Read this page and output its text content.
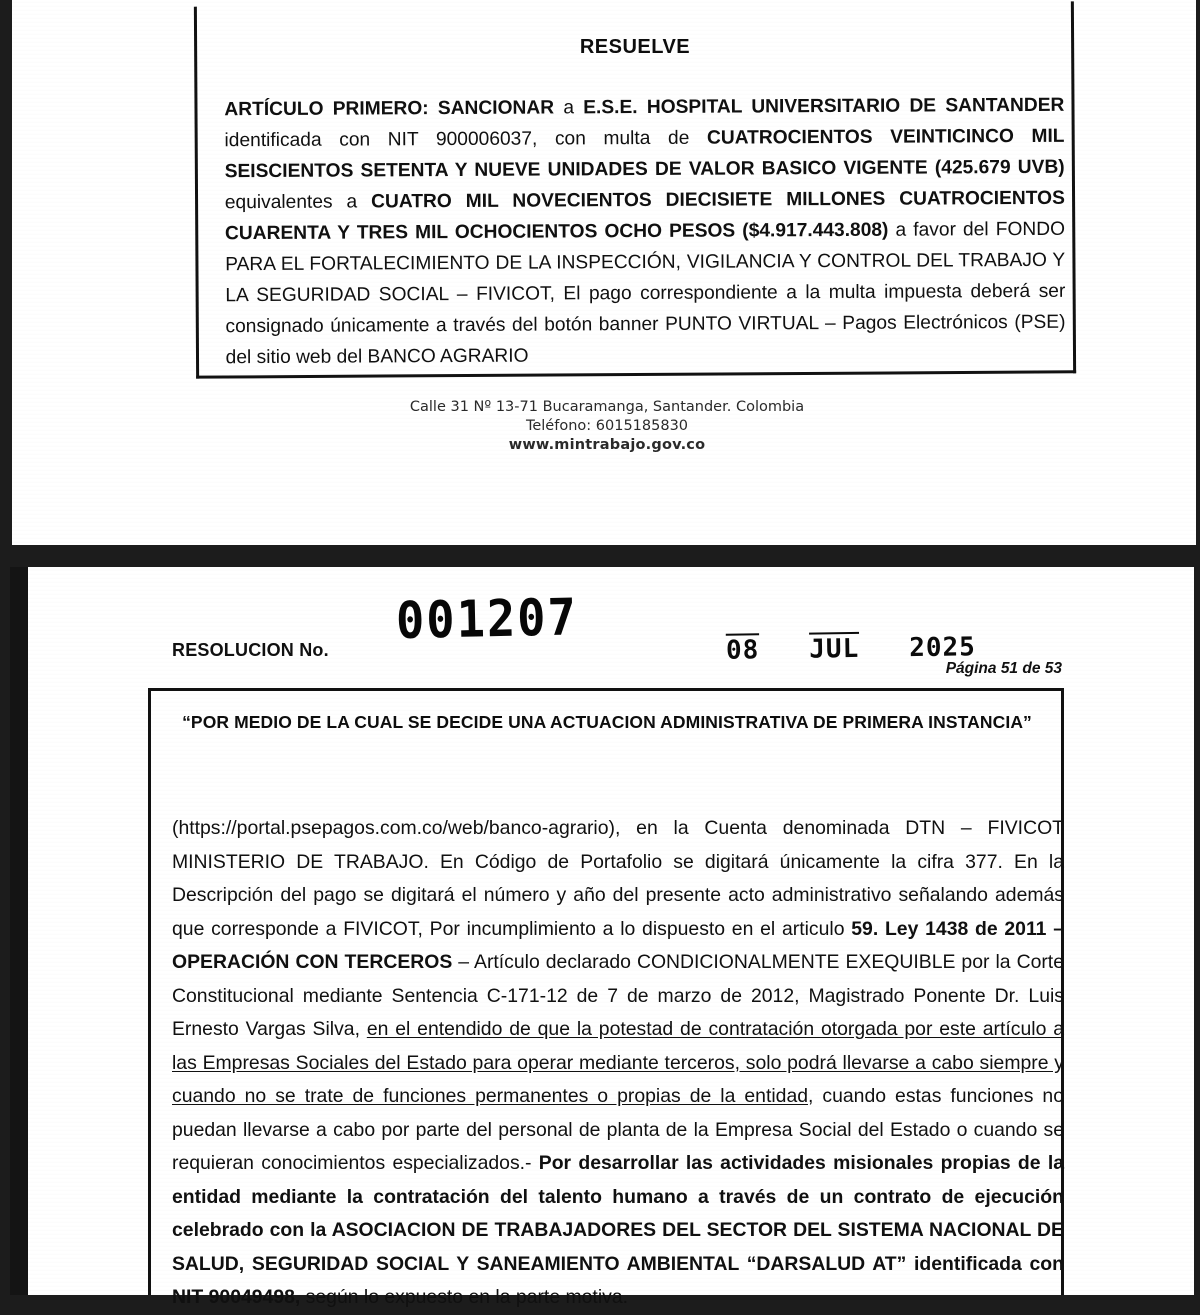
RESUELVE
ARTÍCULO PRIMERO: SANCIONAR a E.S.E. HOSPITAL UNIVERSITARIO DE SANTANDER identificada con NIT 900006037, con multa de CUATROCIENTOS VEINTICINCO MIL SEISCIENTOS SETENTA Y NUEVE UNIDADES DE VALOR BASICO VIGENTE (425.679 UVB) equivalentes a CUATRO MIL NOVECIENTOS DIECISIETE MILLONES CUATROCIENTOS CUARENTA Y TRES MIL OCHOCIENTOS OCHO PESOS ($4.917.443.808) a favor del FONDO PARA EL FORTALECIMIENTO DE LA INSPECCIÓN, VIGILANCIA Y CONTROL DEL TRABAJO Y LA SEGURIDAD SOCIAL – FIVICOT, El pago correspondiente a la multa impuesta deberá ser consignado únicamente a través del botón banner PUNTO VIRTUAL – Pagos Electrónicos (PSE) del sitio web del BANCO AGRARIO
Calle 31 Nº 13-71 Bucaramanga, Santander. Colombia
Teléfono: 6015185830
www.mintrabajo.gov.co
RESOLUCION No. 001207	08 $\overline{JUL}$ 2025
Página 51 de 53
“POR MEDIO DE LA CUAL SE DECIDE UNA ACTUACION ADMINISTRATIVA DE PRIMERA INSTANCIA”
(https://portal.psepagos.com.co/web/banco-agrario), en la Cuenta denominada DTN – FIVICOT MINISTERIO DE TRABAJO. En Código de Portafolio se digitará únicamente la cifra 377. En la Descripción del pago se digitará el número y año del presente acto administrativo señalando además que corresponde a FIVICOT, Por incumplimiento a lo dispuesto en el articulo 59. Ley 1438 de 2011 – OPERACIÓN CON TERCEROS – Artículo declarado CONDICIONALMENTE EXEQUIBLE por la Corte Constitucional mediante Sentencia C-171-12 de 7 de marzo de 2012, Magistrado Ponente Dr. Luis Ernesto Vargas Silva, en el entendido de que la potestad de contratación otorgada por este artículo a las Empresas Sociales del Estado para operar mediante terceros, solo podrá llevarse a cabo siempre y cuando no se trate de funciones permanentes o propias de la entidad, cuando estas funciones no puedan llevarse a cabo por parte del personal de planta de la Empresa Social del Estado o cuando se requieran conocimientos especializados.- Por desarrollar las actividades misionales propias de la entidad mediante la contratación del talento humano a través de un contrato de ejecución celebrado con la ASOCIACION DE TRABAJADORES DEL SECTOR DEL SISTEMA NACIONAL DE SALUD, SEGURIDAD SOCIAL Y SANEAMIENTO AMBIENTAL “DARSALUD AT” identificada con NIT 90049498, según lo expuesto en la parte motiva.
